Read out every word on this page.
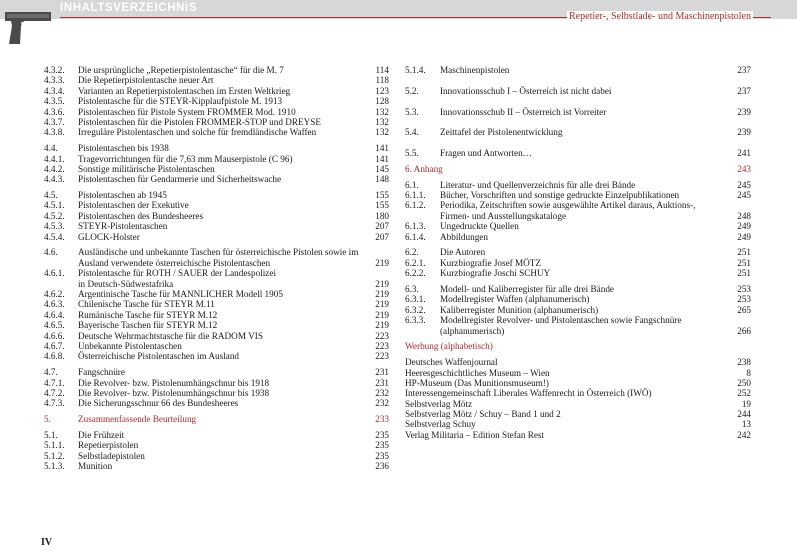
INHALTSVERZEICHNIS
Repetier-, Selbstlade- und Maschinenpistolen
4.3.2. Die ursprüngliche „Repetierpistolentasche“ für die M. 7	114
4.3.3. Die Repetierpistolentasche neuer Art	118
4.3.4. Varianten an Repetierpistolentaschen im Ersten Weltkrieg	123
4.3.5. Pistolentasche für die STEYR-Kipplaufpistole M. 1913	128
4.3.6. Pistolentaschen für Pistole System FROMMER Mod. 1910	132
4.3.7. Pistolentaschen für die Pistolen FROMMER-STOP und DREYSE	132
4.3.8. Irreguläre Pistolentaschen und solche für fremdländische Waffen	132
4.4. Pistolentaschen bis 1938	141
4.4.1. Tragevorrichtungen für die 7,63 mm Mauserpistole (C 96)	141
4.4.2. Sonstige militärische Pistolentaschen	145
4.4.3. Pistolentaschen für Gendarmerie und Sicherheitswache	148
4.5. Pistolentaschen ab 1945	155
4.5.1. Pistolentaschen der Exekutive	155
4.5.2. Pistolentaschen des Bundesheeres	180
4.5.3. STEYR-Pistolentaschen	207
4.5.4. GLOCK-Holster	207
4.6. Ausländische und unbekannte Taschen für österreichische Pistolen sowie im
Ausland verwendete österreichische Pistolentaschen	219
4.6.1. Pistolentasche für ROTH / SAUER der Landespolizei
in Deutsch-Südwestafrika	219
4.6.2. Argentinische Tasche für MANNLICHER Modell 1905	219
4.6.3. Chilenische Tasche für STEYR M.11	219
4.6.4. Rumänische Tasche für STEYR M.12	219
4.6.5. Bayerische Taschen für STEYR M.12	219
4.6.6. Deutsche Wehrmachtstasche für die RADOM VIS	223
4.6.7. Unbekannte Pistolentaschen	223
4.6.8. Österreichische Pistolentaschen im Ausland	223
4.7. Fangschnüre	231
4.7.1. Die Revolver- bzw. Pistolenumhängschnur bis 1918	231
4.7.2. Die Revolver- bzw. Pistolenumhängschnur bis 1938	232
4.7.3. Die Sicherungsschnur 66 des Bundesheeres	232
5.	Zusammenfassende Beurteilung	233
5.1. Die Frühzeit	235
5.1.1. Repetierpistolen	235
5.1.2. Selbstladepistolen	235
5.1.3. Munition	236
5.1.4. Maschinenpistolen	237
5.2. Innovationsschub I – Österreich ist nicht dabei	237
5.3. Innovationsschub II – Österreich ist Vorreiter	239
5.4. Zeittafel der Pistolenentwicklung	239
5.5. Fragen und Antworten…	241
6. Anhang	243
6.1. Literatur- und Quellenverzeichnis für alle drei Bände	245
6.1.1. Bücher, Vorschriften und sonstige gedruckte Einzelpublikationen	245
6.1.2. Periodika, Zeitschriften sowie ausgewählte Artikel daraus, Auktions-,
Firmen- und Ausstellungskataloge	248
6.1.3. Ungedruckte Quellen	249
6.1.4. Abbildungen	249
6.2. Die Autoren	251
6.2.1. Kurzbiografie Josef MÖTZ	251
6.2.2. Kurzbiografie Joschi SCHUY	251
6.3. Modell- und Kaliberregister für alle drei Bände	253
6.3.1. Modellregister Waffen (alphanumerisch)	253
6.3.2. Kaliberregister Munition (alphanumerisch)	265
6.3.3. Modellregister Revolver- und Pistolentaschen sowie Fangschnüre
(alphanumerisch)	266
Werbung (alphabetisch)
Deutsches Waffenjournal	238
Heeresgeschichtliches Museum – Wien	8
HP-Museum (Das Munitionsmuseum!)	250
Interessengemeinschaft Liberales Waffenrecht in Österreich (IWÖ)	252
Selbstverlag Mötz	19
Selbstverlag Mötz / Schuy – Band 1 und 2	244
Selbstverlag Schuy	13
Verlag Militaria – Edition Stefan Rest	242
IV
